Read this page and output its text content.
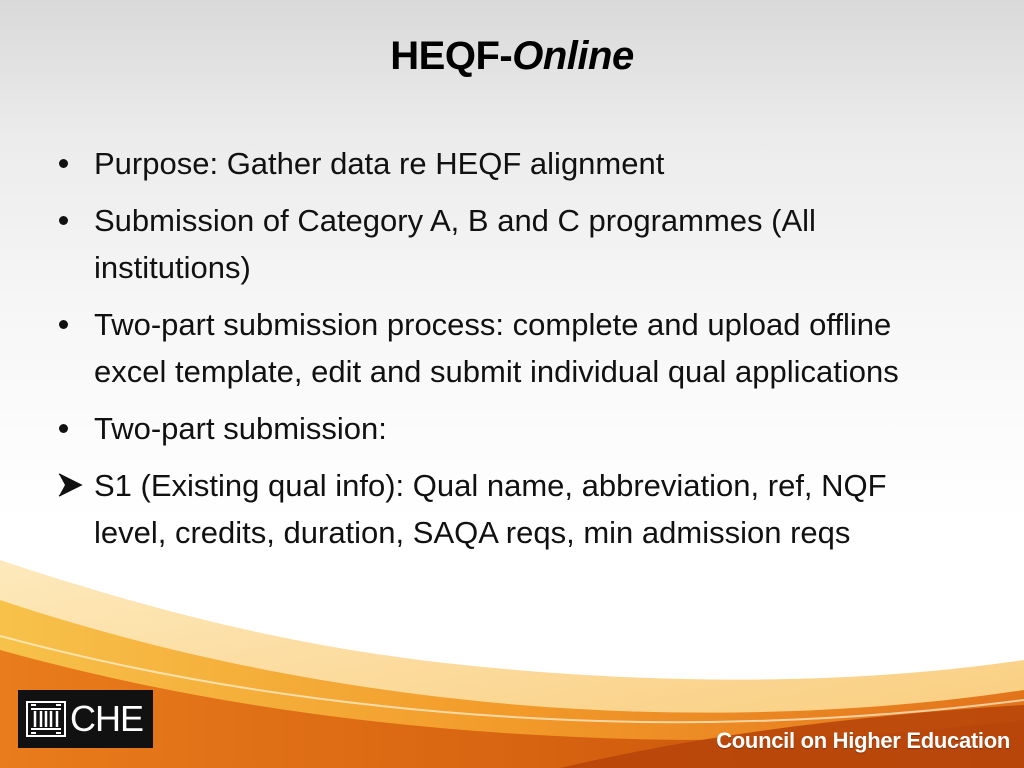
HEQF-Online
Purpose: Gather data re HEQF alignment
Submission of Category A, B and C programmes (All institutions)
Two-part submission process: complete and upload offline excel template, edit and submit individual qual applications
Two-part submission:
S1 (Existing qual info): Qual name, abbreviation, ref, NQF level, credits, duration, SAQA reqs, min admission reqs
CHE
Council on Higher Education
